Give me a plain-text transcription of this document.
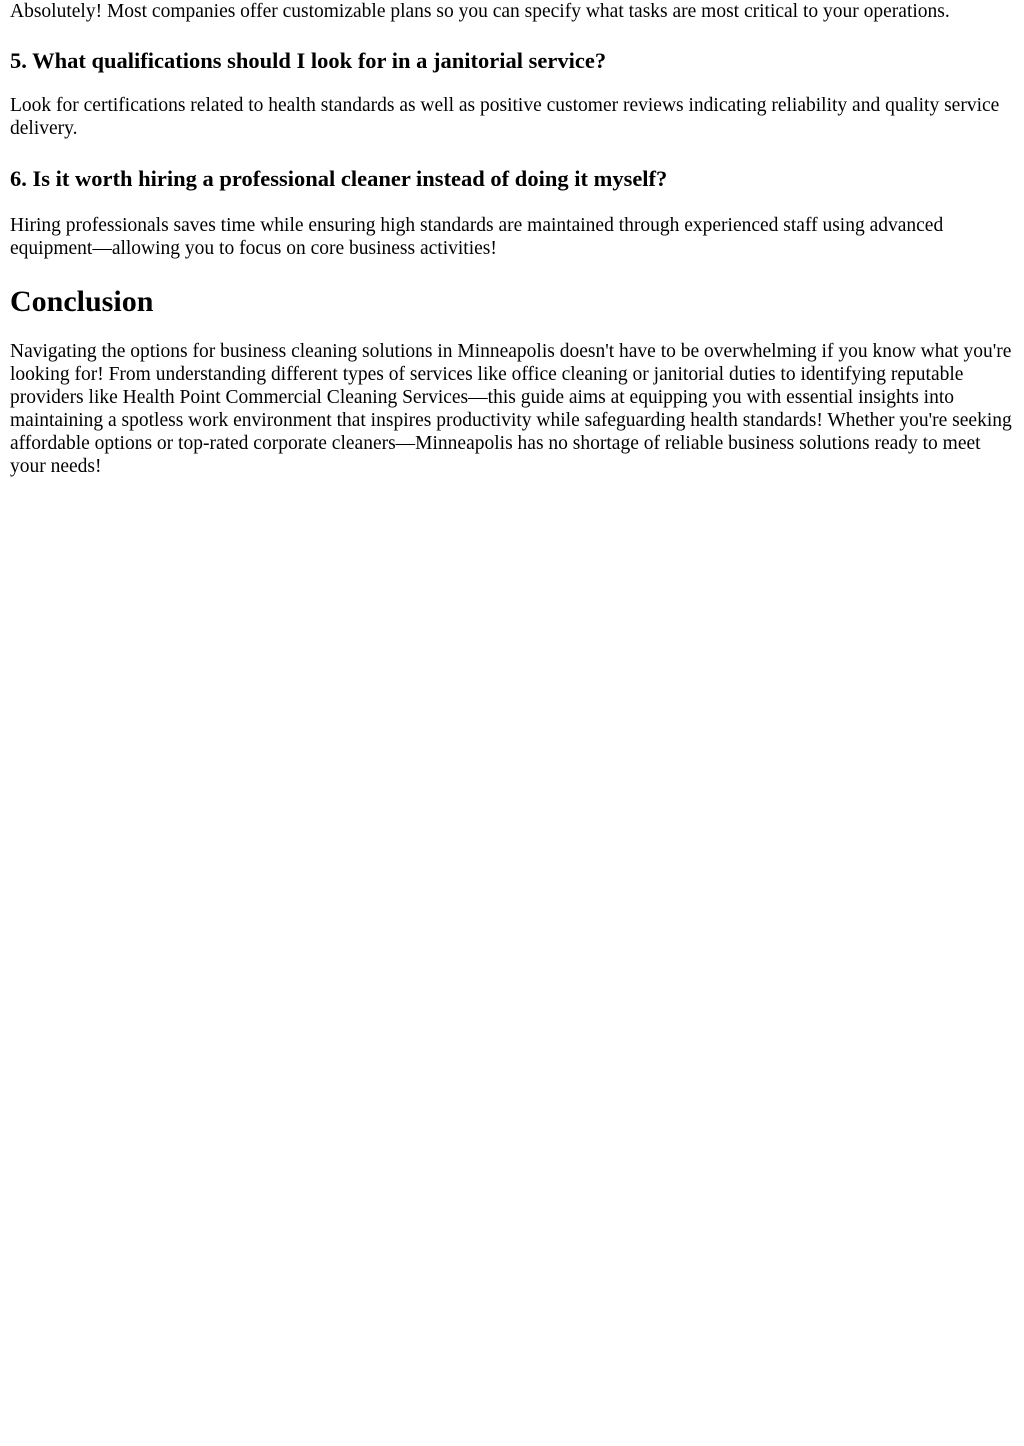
Absolutely! Most companies offer customizable plans so you can specify what tasks are most critical to your operations.

5. What qualifications should I look for in a janitorial service?

Look for certifications related to health standards as well as positive customer reviews indicating reliability and quality service delivery.

6. Is it worth hiring a professional cleaner instead of doing it myself?

Hiring professionals saves time while ensuring high standards are maintained through experienced staff using advanced equipment—allowing you to focus on core business activities!

Conclusion

Navigating the options for business cleaning solutions in Minneapolis doesn't have to be overwhelming if you know what you're looking for! From understanding different types of services like office cleaning or janitorial duties to identifying reputable providers like Health Point Commercial Cleaning Services—this guide aims at equipping you with essential insights into maintaining a spotless work environment that inspires productivity while safeguarding health standards! Whether you're seeking affordable options or top-rated corporate cleaners—Minneapolis has no shortage of reliable business solutions ready to meet your needs!
